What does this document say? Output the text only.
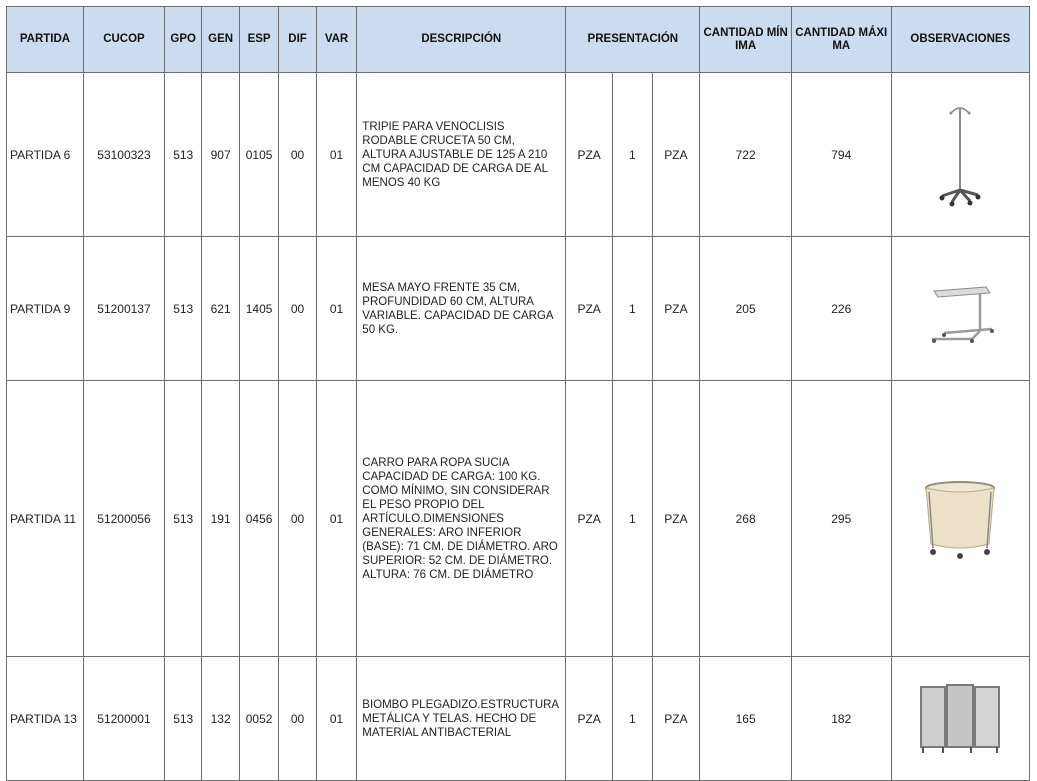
PARTIDA	CUCOP	GPO	GEN	ESP	DIF	VAR	DESCRIPCIÓN	PRESENTACIÓN			CANTIDAD MÍNIMA	CANTIDAD MÁXIMA	OBSERVACIONES
PARTIDA 6	53100323	513	907	0105	00	01	TRIPIE PARA VENOCLISIS RODABLE CRUCETA 50 CM, ALTURA AJUSTABLE DE 125 A 210 CM CAPACIDAD DE CARGA DE AL MENOS 40 KG	PZA	1	PZA	722	794	

PARTIDA 9	51200137	513	621	1405	00	01	MESA MAYO FRENTE 35 CM, PROFUNDIDAD 60 CM, ALTURA VARIABLE. CAPACIDAD DE CARGA 50 KG.	PZA	1	PZA	205	226	

PARTIDA 11	51200056	513	191	0456	00	01	CARRO PARA ROPA SUCIA CAPACIDAD DE CARGA: 100 KG. COMO MÍNIMO, SIN CONSIDERAR EL PESO PROPIO DEL ARTÍCULO.DIMENSIONES GENERALES: ARO INFERIOR (BASE): 71 CM. DE DIÁMETRO. ARO SUPERIOR: 52 CM. DE DIÁMETRO. ALTURA: 76 CM. DE DIÁMETRO	PZA	1	PZA	268	295	

PARTIDA 13	51200001	513	132	0052	00	01	BIOMBO PLEGADIZO.ESTRUCTURA METÁLICA Y TELAS. HECHO DE MATERIAL ANTIBACTERIAL	PZA	1	PZA	165	182	
